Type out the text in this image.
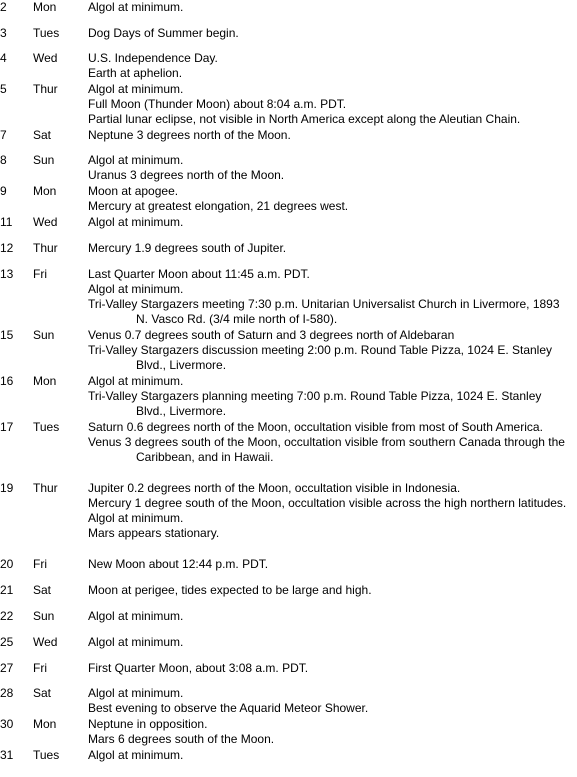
2	Mon	Algol at minimum.
3	Tues	Dog Days of Summer begin.
4	Wed	U.S. Independence Day.
Earth at aphelion.
5	Thur	Algol at minimum.
Full Moon (Thunder Moon) about 8:04 a.m. PDT.
Partial lunar eclipse, not visible in North America except along the Aleutian Chain.
7	Sat	Neptune 3 degrees north of the Moon.
8	Sun	Algol at minimum.
Uranus 3 degrees north of the Moon.
9	Mon	Moon at apogee.
Mercury at greatest elongation, 21 degrees west.
11	Wed	Algol at minimum.
12	Thur	Mercury 1.9 degrees south of Jupiter.
13	Fri	Last Quarter Moon about 11:45 a.m. PDT.
Algol at minimum.
Tri-Valley Stargazers meeting 7:30 p.m. Unitarian Universalist Church in Livermore, 1893 N. Vasco Rd. (3/4 mile north of I-580).
15	Sun	Venus 0.7 degrees south of Saturn and 3 degrees north of Aldebaran
Tri-Valley Stargazers discussion meeting 2:00 p.m. Round Table Pizza, 1024 E. Stanley Blvd., Livermore.
16	Mon	Algol at minimum.
Tri-Valley Stargazers planning meeting 7:00 p.m. Round Table Pizza, 1024 E. Stanley Blvd., Livermore.
17	Tues	Saturn 0.6 degrees north of the Moon, occultation visible from most of South America.
Venus 3 degrees south of the Moon, occultation visible from southern Canada through the Caribbean, and in Hawaii.
19	Thur	Jupiter 0.2 degrees north of the Moon, occultation visible in Indonesia.
Mercury 1 degree south of the Moon, occultation visible across the high northern latitudes.
Algol at minimum.
Mars appears stationary.
20	Fri	New Moon about 12:44 p.m. PDT.
21	Sat	Moon at perigee, tides expected to be large and high.
22	Sun	Algol at minimum.
25	Wed	Algol at minimum.
27	Fri	First Quarter Moon, about 3:08 a.m. PDT.
28	Sat	Algol at minimum.
Best evening to observe the Aquarid Meteor Shower.
30	Mon	Neptune in opposition.
Mars 6 degrees south of the Moon.
31	Tues	Algol at minimum.
